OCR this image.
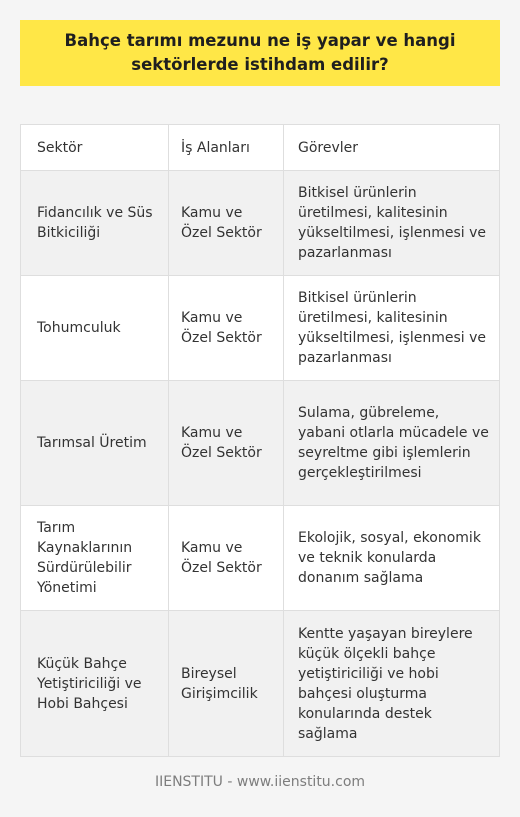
Bahçe tarımı mezunu ne iş yapar ve hangi sektörlerde istihdam edilir?
Sektör	İş Alanları	Görevler
Fidancılık ve Süs Bitkiciliği
Kamu ve Özel Sektör
Bitkisel ürünlerin üretilmesi, kalitesinin yükseltilmesi, işlenmesi ve pazarlanması
Tohumculuk
Kamu ve Özel Sektör
Bitkisel ürünlerin üretilmesi, kalitesinin yükseltilmesi, işlenmesi ve pazarlanması
Tarımsal Üretim
Kamu ve Özel Sektör
Sulama, gübreleme, yabani otlarla mücadele ve seyreltme gibi işlemlerin gerçekleştirilmesi
Tarım Kaynaklarının Sürdürülebilir Yönetimi
Kamu ve Özel Sektör
Ekolojik, sosyal, ekonomik ve teknik konularda donanım sağlama
Küçük Bahçe Yetiştiriciliği ve Hobi Bahçesi
Bireysel Girişimcilik
Kentte yaşayan bireylere küçük ölçekli bahçe yetiştiriciliği ve hobi bahçesi oluşturma konularında destek sağlama
IIENSTITU - www.iienstitu.com
